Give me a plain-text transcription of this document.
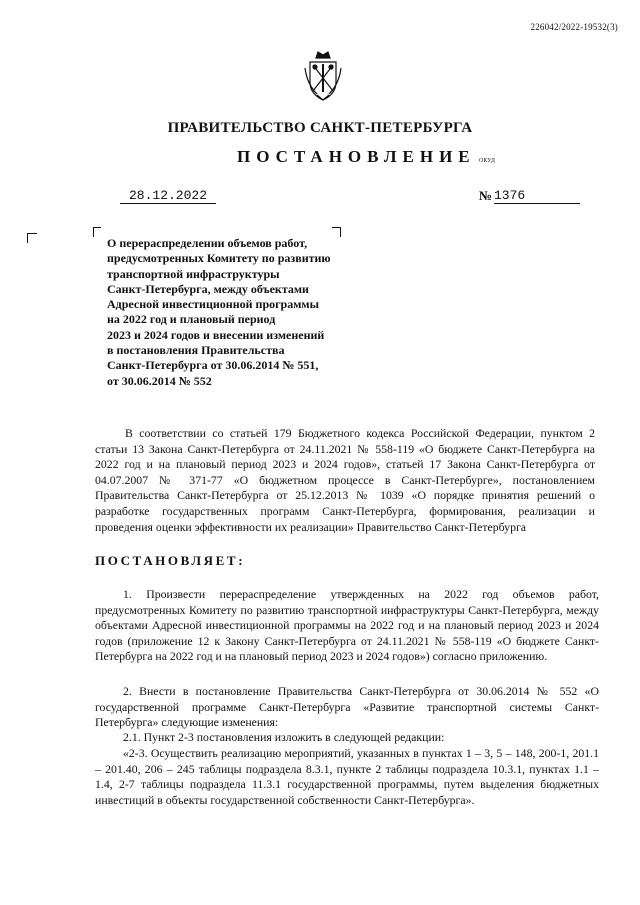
226042/2022-19532(3)
ПРАВИТЕЛЬСТВО САНКТ-ПЕТЕРБУРГА
ПОСТАНОВЛЕНИЕ ОКУД
28.12.2022	№ 1376
О перераспределении объемов работ,
предусмотренных Комитету по развитию
транспортной инфраструктуры
Санкт-Петербурга, между объектами
Адресной инвестиционной программы
на 2022 год и плановый период
2023 и 2024 годов и внесении изменений
в постановления Правительства
Санкт-Петербурга от 30.06.2014 № 551,
от 30.06.2014 № 552
В соответствии со статьей 179 Бюджетного кодекса Российской Федерации, пунктом 2 статьи 13 Закона Санкт-Петербурга от 24.11.2021 № 558-119 «О бюджете Санкт-Петербурга на 2022 год и на плановый период 2023 и 2024 годов», статьей 17 Закона Санкт-Петербурга от 04.07.2007 № 371-77 «О бюджетном процессе в Санкт-Петербурге», постановлением Правительства Санкт-Петербурга от 25.12.2013 № 1039 «О порядке принятия решений о разработке государственных программ Санкт-Петербурга, формирования, реализации и проведения оценки эффективности их реализации» Правительство Санкт-Петербурга
ПОСТАНОВЛЯЕТ:
1. Произвести перераспределение утвержденных на 2022 год объемов работ, предусмотренных Комитету по развитию транспортной инфраструктуры Санкт-Петербурга, между объектами Адресной инвестиционной программы на 2022 год и на плановый период 2023 и 2024 годов (приложение 12 к Закону Санкт-Петербурга от 24.11.2021 № 558-119 «О бюджете Санкт-Петербурга на 2022 год и на плановый период 2023 и 2024 годов») согласно приложению.
2. Внести в постановление Правительства Санкт-Петербурга от 30.06.2014 № 552 «О государственной программе Санкт-Петербурга «Развитие транспортной системы Санкт-Петербурга» следующие изменения:
2.1. Пункт 2-3 постановления изложить в следующей редакции:
«2-3. Осуществить реализацию мероприятий, указанных в пунктах 1 – 3, 5 – 148, 200-1, 201.1 – 201.40, 206 – 245 таблицы подраздела 8.3.1, пункте 2 таблицы подраздела 10.3.1, пунктах 1.1 – 1.4, 2-7 таблицы подраздела 11.3.1 государственной программы, путем выделения бюджетных инвестиций в объекты государственной собственности Санкт-Петербурга».
